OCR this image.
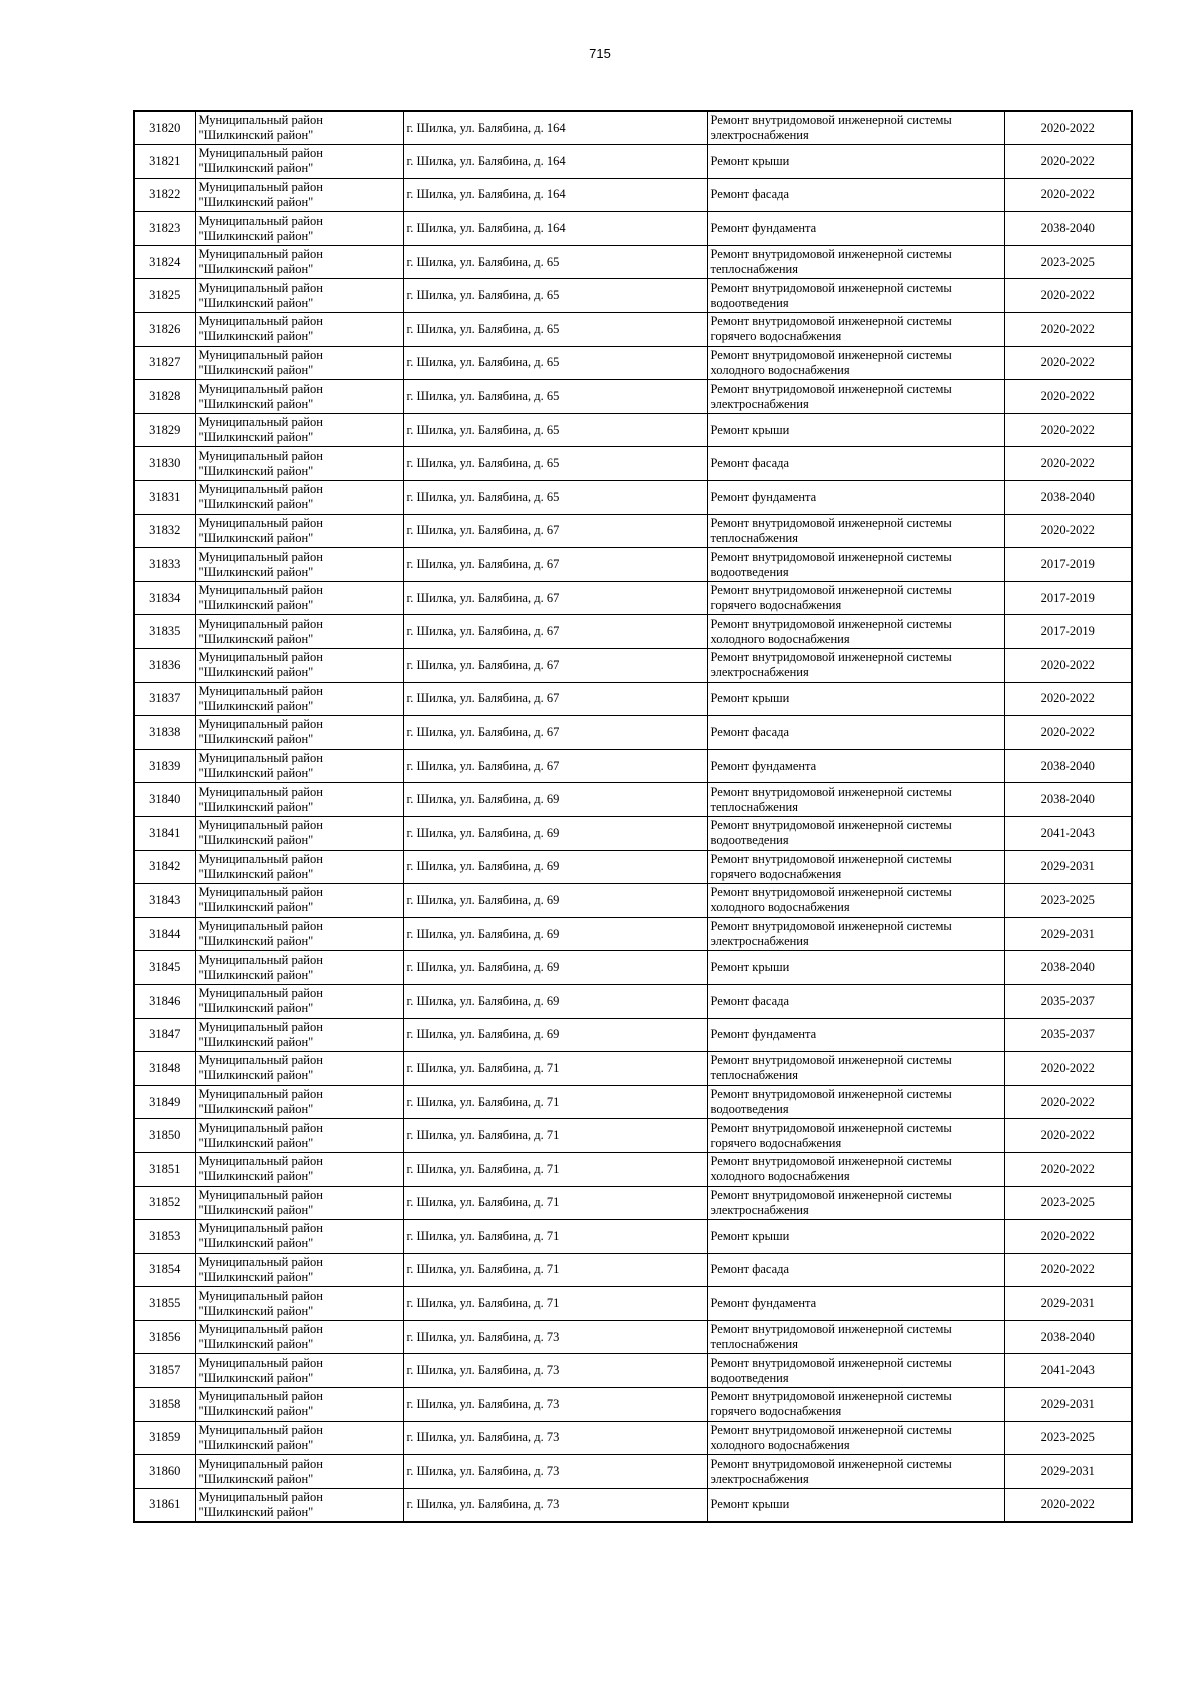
715
31820	Муниципальный район "Шилкинский район"	г. Шилка, ул. Балябина, д. 164	Ремонт внутридомовой инженерной системы электроснабжения	2020-2022
31821	Муниципальный район "Шилкинский район"	г. Шилка, ул. Балябина, д. 164	Ремонт крыши	2020-2022
31822	Муниципальный район "Шилкинский район"	г. Шилка, ул. Балябина, д. 164	Ремонт фасада	2020-2022
31823	Муниципальный район "Шилкинский район"	г. Шилка, ул. Балябина, д. 164	Ремонт фундамента	2038-2040
31824	Муниципальный район "Шилкинский район"	г. Шилка, ул. Балябина, д. 65	Ремонт внутридомовой инженерной системы теплоснабжения	2023-2025
31825	Муниципальный район "Шилкинский район"	г. Шилка, ул. Балябина, д. 65	Ремонт внутридомовой инженерной системы водоотведения	2020-2022
31826	Муниципальный район "Шилкинский район"	г. Шилка, ул. Балябина, д. 65	Ремонт внутридомовой инженерной системы горячего водоснабжения	2020-2022
31827	Муниципальный район "Шилкинский район"	г. Шилка, ул. Балябина, д. 65	Ремонт внутридомовой инженерной системы холодного водоснабжения	2020-2022
31828	Муниципальный район "Шилкинский район"	г. Шилка, ул. Балябина, д. 65	Ремонт внутридомовой инженерной системы электроснабжения	2020-2022
31829	Муниципальный район "Шилкинский район"	г. Шилка, ул. Балябина, д. 65	Ремонт крыши	2020-2022
31830	Муниципальный район "Шилкинский район"	г. Шилка, ул. Балябина, д. 65	Ремонт фасада	2020-2022
31831	Муниципальный район "Шилкинский район"	г. Шилка, ул. Балябина, д. 65	Ремонт фундамента	2038-2040
31832	Муниципальный район "Шилкинский район"	г. Шилка, ул. Балябина, д. 67	Ремонт внутридомовой инженерной системы теплоснабжения	2020-2022
31833	Муниципальный район "Шилкинский район"	г. Шилка, ул. Балябина, д. 67	Ремонт внутридомовой инженерной системы водоотведения	2017-2019
31834	Муниципальный район "Шилкинский район"	г. Шилка, ул. Балябина, д. 67	Ремонт внутридомовой инженерной системы горячего водоснабжения	2017-2019
31835	Муниципальный район "Шилкинский район"	г. Шилка, ул. Балябина, д. 67	Ремонт внутридомовой инженерной системы холодного водоснабжения	2017-2019
31836	Муниципальный район "Шилкинский район"	г. Шилка, ул. Балябина, д. 67	Ремонт внутридомовой инженерной системы электроснабжения	2020-2022
31837	Муниципальный район "Шилкинский район"	г. Шилка, ул. Балябина, д. 67	Ремонт крыши	2020-2022
31838	Муниципальный район "Шилкинский район"	г. Шилка, ул. Балябина, д. 67	Ремонт фасада	2020-2022
31839	Муниципальный район "Шилкинский район"	г. Шилка, ул. Балябина, д. 67	Ремонт фундамента	2038-2040
31840	Муниципальный район "Шилкинский район"	г. Шилка, ул. Балябина, д. 69	Ремонт внутридомовой инженерной системы теплоснабжения	2038-2040
31841	Муниципальный район "Шилкинский район"	г. Шилка, ул. Балябина, д. 69	Ремонт внутридомовой инженерной системы водоотведения	2041-2043
31842	Муниципальный район "Шилкинский район"	г. Шилка, ул. Балябина, д. 69	Ремонт внутридомовой инженерной системы горячего водоснабжения	2029-2031
31843	Муниципальный район "Шилкинский район"	г. Шилка, ул. Балябина, д. 69	Ремонт внутридомовой инженерной системы холодного водоснабжения	2023-2025
31844	Муниципальный район "Шилкинский район"	г. Шилка, ул. Балябина, д. 69	Ремонт внутридомовой инженерной системы электроснабжения	2029-2031
31845	Муниципальный район "Шилкинский район"	г. Шилка, ул. Балябина, д. 69	Ремонт крыши	2038-2040
31846	Муниципальный район "Шилкинский район"	г. Шилка, ул. Балябина, д. 69	Ремонт фасада	2035-2037
31847	Муниципальный район "Шилкинский район"	г. Шилка, ул. Балябина, д. 69	Ремонт фундамента	2035-2037
31848	Муниципальный район "Шилкинский район"	г. Шилка, ул. Балябина, д. 71	Ремонт внутридомовой инженерной системы теплоснабжения	2020-2022
31849	Муниципальный район "Шилкинский район"	г. Шилка, ул. Балябина, д. 71	Ремонт внутридомовой инженерной системы водоотведения	2020-2022
31850	Муниципальный район "Шилкинский район"	г. Шилка, ул. Балябина, д. 71	Ремонт внутридомовой инженерной системы горячего водоснабжения	2020-2022
31851	Муниципальный район "Шилкинский район"	г. Шилка, ул. Балябина, д. 71	Ремонт внутридомовой инженерной системы холодного водоснабжения	2020-2022
31852	Муниципальный район "Шилкинский район"	г. Шилка, ул. Балябина, д. 71	Ремонт внутридомовой инженерной системы электроснабжения	2023-2025
31853	Муниципальный район "Шилкинский район"	г. Шилка, ул. Балябина, д. 71	Ремонт крыши	2020-2022
31854	Муниципальный район "Шилкинский район"	г. Шилка, ул. Балябина, д. 71	Ремонт фасада	2020-2022
31855	Муниципальный район "Шилкинский район"	г. Шилка, ул. Балябина, д. 71	Ремонт фундамента	2029-2031
31856	Муниципальный район "Шилкинский район"	г. Шилка, ул. Балябина, д. 73	Ремонт внутридомовой инженерной системы теплоснабжения	2038-2040
31857	Муниципальный район "Шилкинский район"	г. Шилка, ул. Балябина, д. 73	Ремонт внутридомовой инженерной системы водоотведения	2041-2043
31858	Муниципальный район "Шилкинский район"	г. Шилка, ул. Балябина, д. 73	Ремонт внутридомовой инженерной системы горячего водоснабжения	2029-2031
31859	Муниципальный район "Шилкинский район"	г. Шилка, ул. Балябина, д. 73	Ремонт внутридомовой инженерной системы холодного водоснабжения	2023-2025
31860	Муниципальный район "Шилкинский район"	г. Шилка, ул. Балябина, д. 73	Ремонт внутридомовой инженерной системы электроснабжения	2029-2031
31861	Муниципальный район "Шилкинский район"	г. Шилка, ул. Балябина, д. 73	Ремонт крыши	2020-2022
